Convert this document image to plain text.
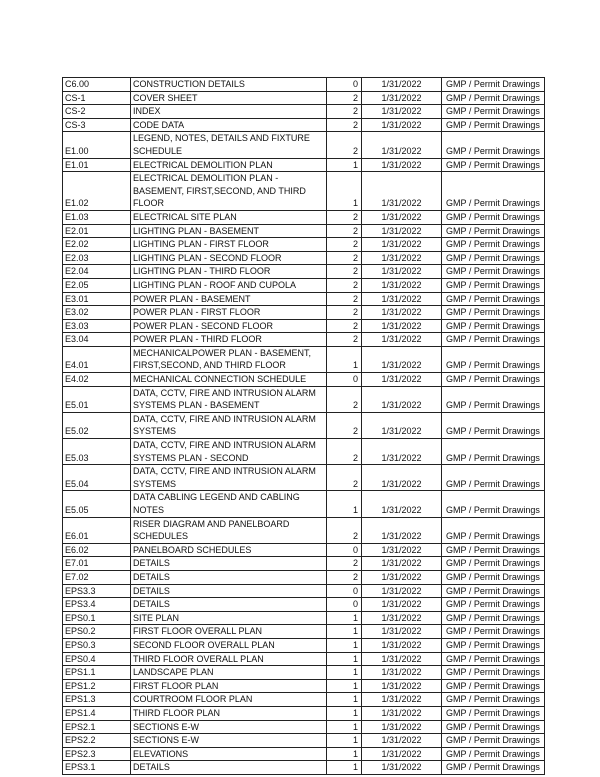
C6.00	CONSTRUCTION DETAILS	0	1/31/2022	GMP / Permit Drawings
CS-1	COVER SHEET	2	1/31/2022	GMP / Permit Drawings
CS-2	INDEX	2	1/31/2022	GMP / Permit Drawings
CS-3	CODE DATA	2	1/31/2022	GMP / Permit Drawings
E1.00	LEGEND, NOTES, DETAILS AND FIXTURE SCHEDULE	2	1/31/2022	GMP / Permit Drawings
E1.01	ELECTRICAL DEMOLITION PLAN	1	1/31/2022	GMP / Permit Drawings
E1.02	ELECTRICAL DEMOLITION PLAN - BASEMENT, FIRST,SECOND, AND THIRD FLOOR	1	1/31/2022	GMP / Permit Drawings
E1.03	ELECTRICAL SITE PLAN	2	1/31/2022	GMP / Permit Drawings
E2.01	LIGHTING PLAN - BASEMENT	2	1/31/2022	GMP / Permit Drawings
E2.02	LIGHTING PLAN - FIRST FLOOR	2	1/31/2022	GMP / Permit Drawings
E2.03	LIGHTING PLAN - SECOND FLOOR	2	1/31/2022	GMP / Permit Drawings
E2.04	LIGHTING PLAN - THIRD FLOOR	2	1/31/2022	GMP / Permit Drawings
E2.05	LIGHTING PLAN - ROOF AND CUPOLA	2	1/31/2022	GMP / Permit Drawings
E3.01	POWER PLAN - BASEMENT	2	1/31/2022	GMP / Permit Drawings
E3.02	POWER PLAN - FIRST FLOOR	2	1/31/2022	GMP / Permit Drawings
E3.03	POWER PLAN - SECOND FLOOR	2	1/31/2022	GMP / Permit Drawings
E3.04	POWER PLAN - THIRD FLOOR	2	1/31/2022	GMP / Permit Drawings
E4.01	MECHANICALPOWER PLAN - BASEMENT, FIRST,SECOND, AND THIRD FLOOR	1	1/31/2022	GMP / Permit Drawings
E4.02	MECHANICAL CONNECTION SCHEDULE	0	1/31/2022	GMP / Permit Drawings
E5.01	DATA, CCTV, FIRE AND INTRUSION ALARM SYSTEMS PLAN - BASEMENT	2	1/31/2022	GMP / Permit Drawings
E5.02	DATA, CCTV, FIRE AND INTRUSION ALARM SYSTEMS	2	1/31/2022	GMP / Permit Drawings
E5.03	DATA, CCTV, FIRE AND INTRUSION ALARM SYSTEMS PLAN - SECOND	2	1/31/2022	GMP / Permit Drawings
E5.04	DATA, CCTV, FIRE AND INTRUSION ALARM SYSTEMS	2	1/31/2022	GMP / Permit Drawings
E5.05	DATA CABLING LEGEND AND CABLING NOTES	1	1/31/2022	GMP / Permit Drawings
E6.01	RISER DIAGRAM AND PANELBOARD SCHEDULES	2	1/31/2022	GMP / Permit Drawings
E6.02	PANELBOARD SCHEDULES	0	1/31/2022	GMP / Permit Drawings
E7.01	DETAILS	2	1/31/2022	GMP / Permit Drawings
E7.02	DETAILS	2	1/31/2022	GMP / Permit Drawings
EPS3.3	DETAILS	0	1/31/2022	GMP / Permit Drawings
EPS3.4	DETAILS	0	1/31/2022	GMP / Permit Drawings
EPS0.1	SITE PLAN	1	1/31/2022	GMP / Permit Drawings
EPS0.2	FIRST FLOOR OVERALL PLAN	1	1/31/2022	GMP / Permit Drawings
EPS0.3	SECOND FLOOR OVERALL PLAN	1	1/31/2022	GMP / Permit Drawings
EPS0.4	THIRD FLOOR OVERALL PLAN	1	1/31/2022	GMP / Permit Drawings
EPS1.1	LANDSCAPE PLAN	1	1/31/2022	GMP / Permit Drawings
EPS1.2	FIRST FLOOR PLAN	1	1/31/2022	GMP / Permit Drawings
EPS1.3	COURTROOM FLOOR PLAN	1	1/31/2022	GMP / Permit Drawings
EPS1.4	THIRD FLOOR PLAN	1	1/31/2022	GMP / Permit Drawings
EPS2.1	SECTIONS E-W	1	1/31/2022	GMP / Permit Drawings
EPS2.2	SECTIONS E-W	1	1/31/2022	GMP / Permit Drawings
EPS2.3	ELEVATIONS	1	1/31/2022	GMP / Permit Drawings
EPS3.1	DETAILS	1	1/31/2022	GMP / Permit Drawings
